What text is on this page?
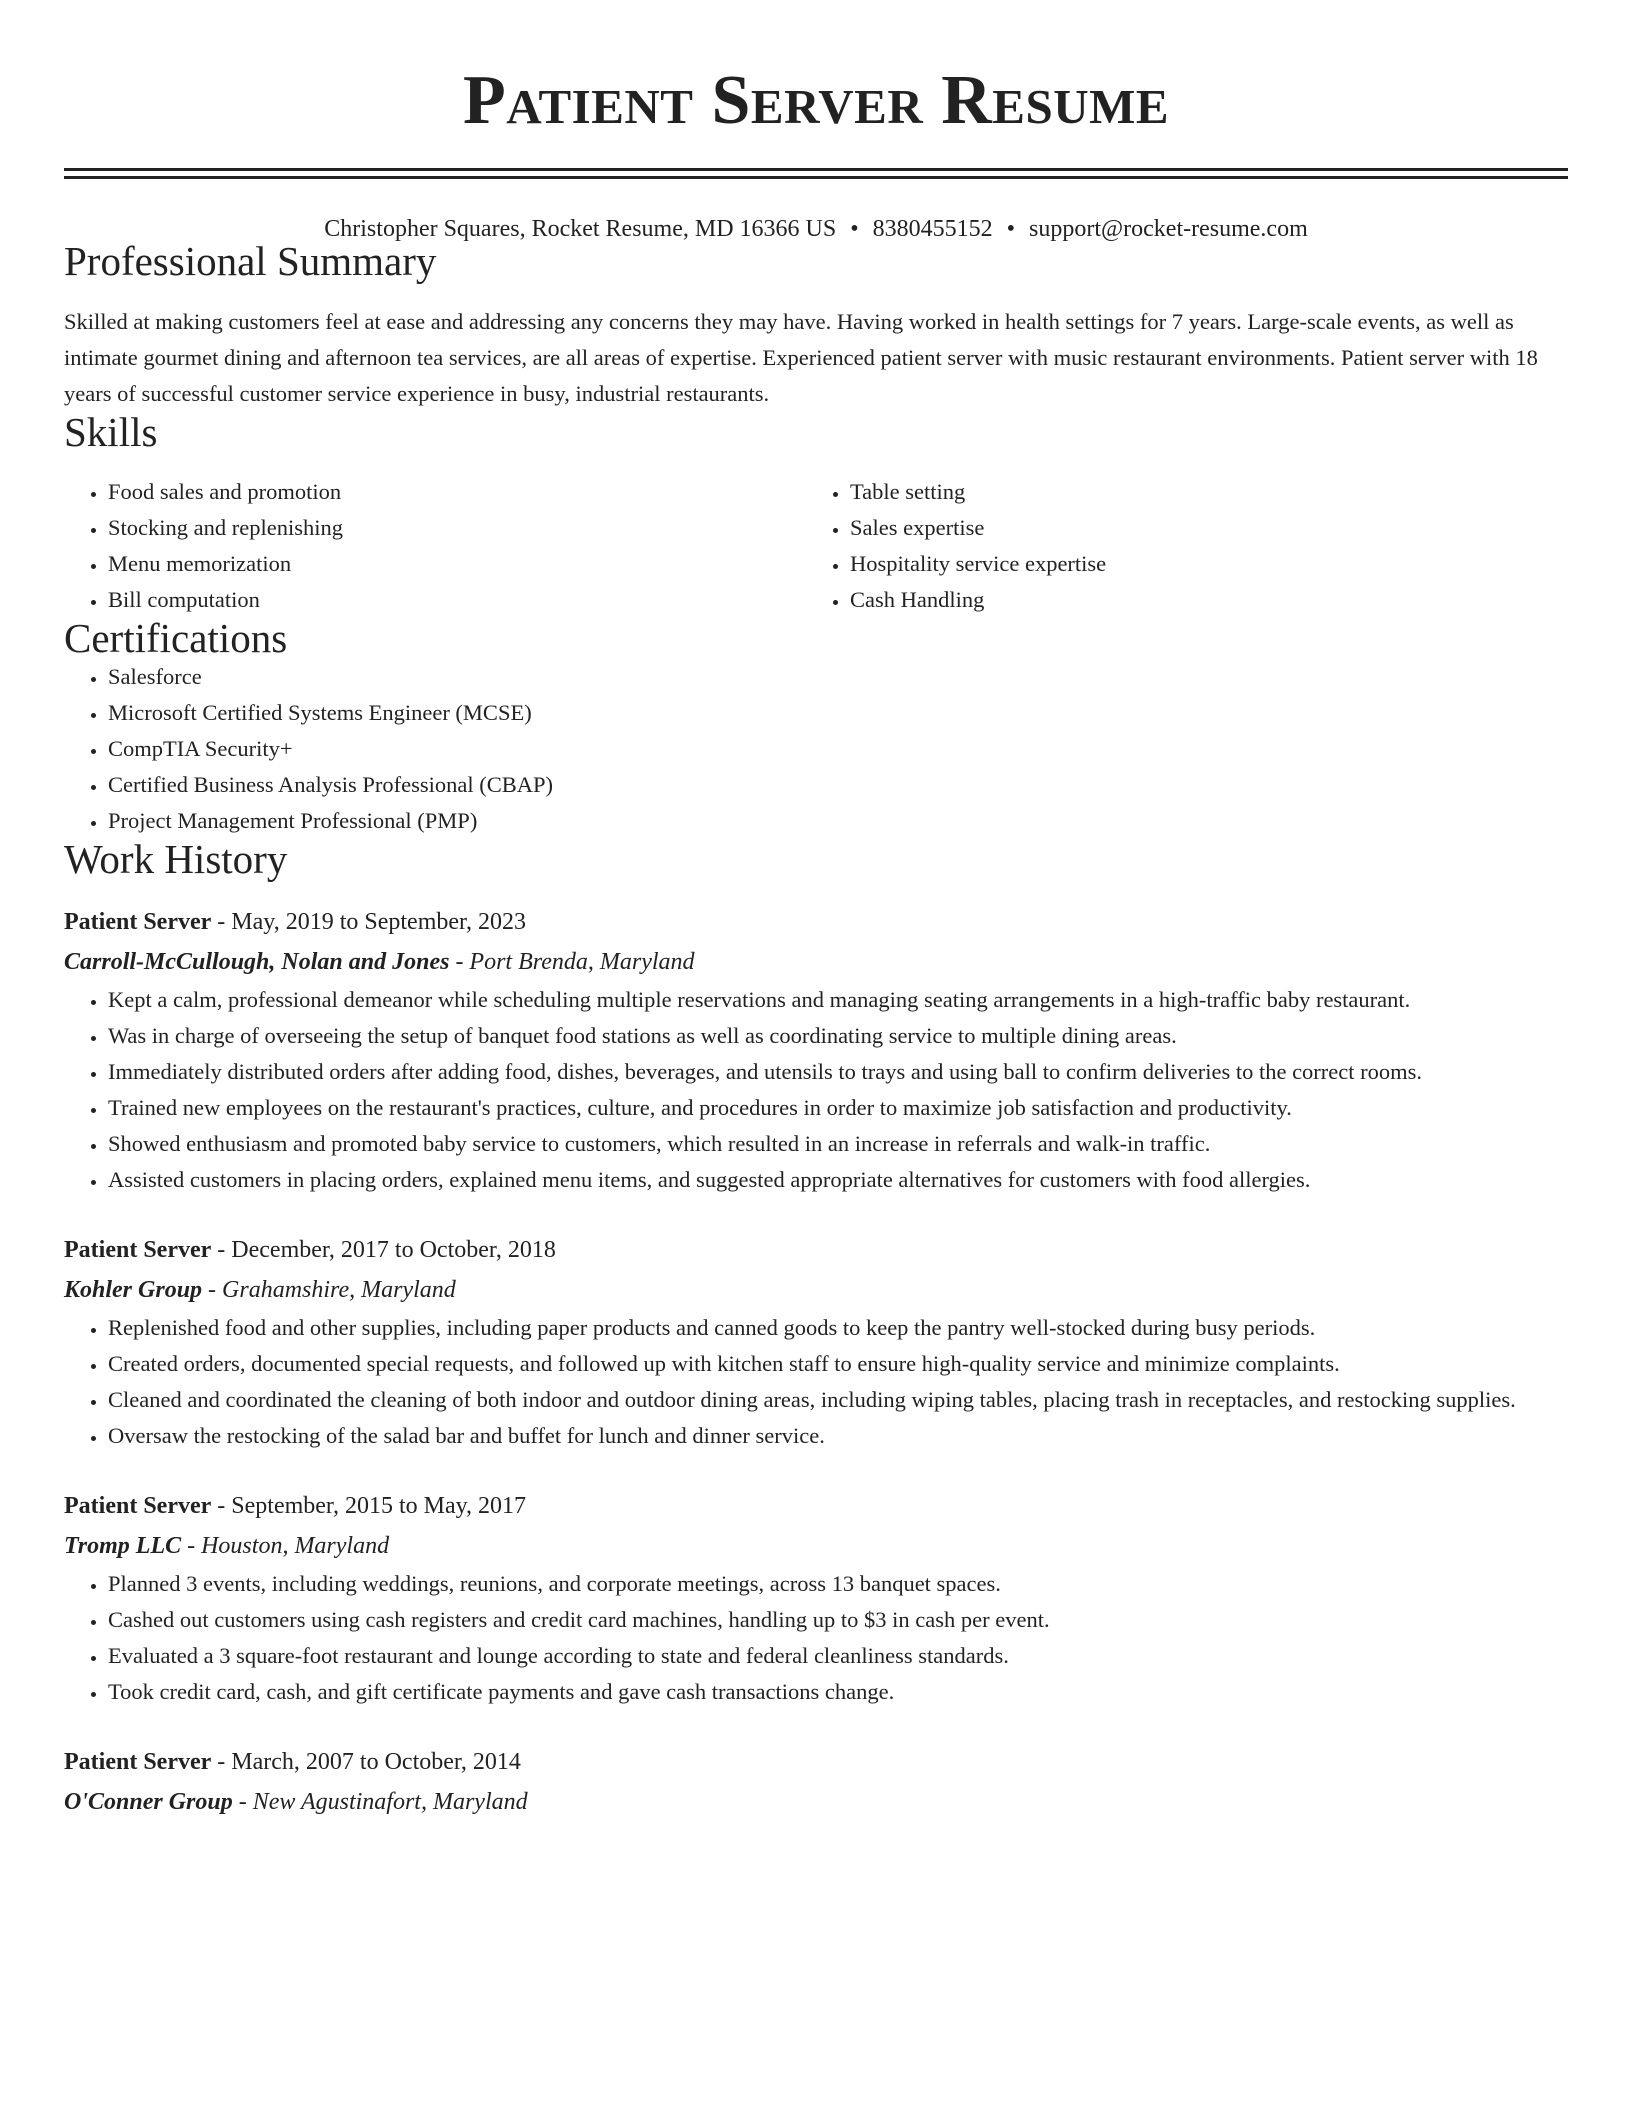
Patient Server Resume
Christopher Squares, Rocket Resume, MD 16366 US • 8380455152 • support@rocket-resume.com
Professional Summary

Skilled at making customers feel at ease and addressing any concerns they may have. Having worked in health settings for 7 years. Large-scale events, as well as intimate gourmet dining and afternoon tea services, are all areas of expertise. Experienced patient server with music restaurant environments. Patient server with 18 years of successful customer service experience in busy, industrial restaurants.

Skills
• Food sales and promotion
• Stocking and replenishing
• Menu memorization
• Bill computation
• Table setting
• Sales expertise
• Hospitality service expertise
• Cash Handling
Certifications
• Salesforce
• Microsoft Certified Systems Engineer (MCSE)
• CompTIA Security+
• Certified Business Analysis Professional (CBAP)
• Project Management Professional (PMP)
Work History
Patient Server - May, 2019 to September, 2023
Carroll-McCullough, Nolan and Jones - Port Brenda, Maryland
• Kept a calm, professional demeanor while scheduling multiple reservations and managing seating arrangements in a high-traffic baby restaurant.
• Was in charge of overseeing the setup of banquet food stations as well as coordinating service to multiple dining areas.
• Immediately distributed orders after adding food, dishes, beverages, and utensils to trays and using ball to confirm deliveries to the correct rooms.
• Trained new employees on the restaurant's practices, culture, and procedures in order to maximize job satisfaction and productivity.
• Showed enthusiasm and promoted baby service to customers, which resulted in an increase in referrals and walk-in traffic.
• Assisted customers in placing orders, explained menu items, and suggested appropriate alternatives for customers with food allergies.
Patient Server - December, 2017 to October, 2018
Kohler Group - Grahamshire, Maryland
• Replenished food and other supplies, including paper products and canned goods to keep the pantry well-stocked during busy periods.
• Created orders, documented special requests, and followed up with kitchen staff to ensure high-quality service and minimize complaints.
• Cleaned and coordinated the cleaning of both indoor and outdoor dining areas, including wiping tables, placing trash in receptacles, and restocking supplies.
• Oversaw the restocking of the salad bar and buffet for lunch and dinner service.
Patient Server - September, 2015 to May, 2017
Tromp LLC - Houston, Maryland
• Planned 3 events, including weddings, reunions, and corporate meetings, across 13 banquet spaces.
• Cashed out customers using cash registers and credit card machines, handling up to $3 in cash per event.
• Evaluated a 3 square-foot restaurant and lounge according to state and federal cleanliness standards.
• Took credit card, cash, and gift certificate payments and gave cash transactions change.
Patient Server - March, 2007 to October, 2014
O'Conner Group - New Agustinafort, Maryland
